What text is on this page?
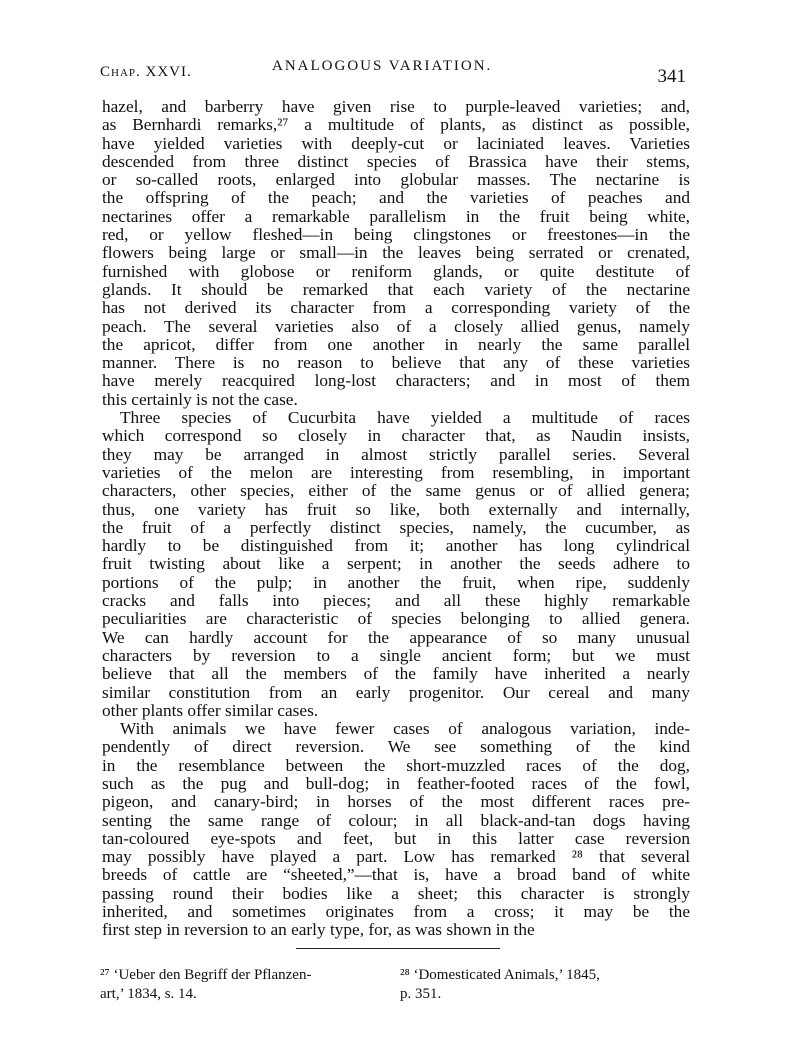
Chap. XXVI.	ANALOGOUS VARIATION.	341
hazel, and barberry have given rise to purple-leaved varieties; and,
as Bernhardi remarks,²⁷ a multitude of plants, as distinct as possible,
have yielded varieties with deeply-cut or laciniated leaves. Varieties
descended from three distinct species of Brassica have their stems,
or so-called roots, enlarged into globular masses. The nectarine is
the offspring of the peach; and the varieties of peaches and
nectarines offer a remarkable parallelism in the fruit being white,
red, or yellow fleshed—in being clingstones or freestones—in the
flowers being large or small—in the leaves being serrated or crenated,
furnished with globose or reniform glands, or quite destitute of
glands. It should be remarked that each variety of the nectarine
has not derived its character from a corresponding variety of the
peach. The several varieties also of a closely allied genus, namely
the apricot, differ from one another in nearly the same parallel
manner. There is no reason to believe that any of these varieties
have merely reacquired long-lost characters; and in most of them
this certainly is not the case.
Three species of Cucurbita have yielded a multitude of races
which correspond so closely in character that, as Naudin insists,
they may be arranged in almost strictly parallel series. Several
varieties of the melon are interesting from resembling, in important
characters, other species, either of the same genus or of allied genera;
thus, one variety has fruit so like, both externally and internally,
the fruit of a perfectly distinct species, namely, the cucumber, as
hardly to be distinguished from it; another has long cylindrical
fruit twisting about like a serpent; in another the seeds adhere to
portions of the pulp; in another the fruit, when ripe, suddenly
cracks and falls into pieces; and all these highly remarkable
peculiarities are characteristic of species belonging to allied genera.
We can hardly account for the appearance of so many unusual
characters by reversion to a single ancient form; but we must
believe that all the members of the family have inherited a nearly
similar constitution from an early progenitor. Our cereal and many
other plants offer similar cases.
With animals we have fewer cases of analogous variation, inde-
pendently of direct reversion. We see something of the kind
in the resemblance between the short-muzzled races of the dog,
such as the pug and bull-dog; in feather-footed races of the fowl,
pigeon, and canary-bird; in horses of the most different races pre-
senting the same range of colour; in all black-and-tan dogs having
tan-coloured eye-spots and feet, but in this latter case reversion
may possibly have played a part. Low has remarked ²⁸ that several
breeds of cattle are “sheeted,”—that is, have a broad band of white
passing round their bodies like a sheet; this character is strongly
inherited, and sometimes originates from a cross; it may be the
first step in reversion to an early type, for, as was shown in the
²⁷ ‘Ueber den Begriff der Pflanzen-
art,’ 1834, s. 14.
²⁸ ‘Domesticated Animals,’ 1845,
p. 351.
